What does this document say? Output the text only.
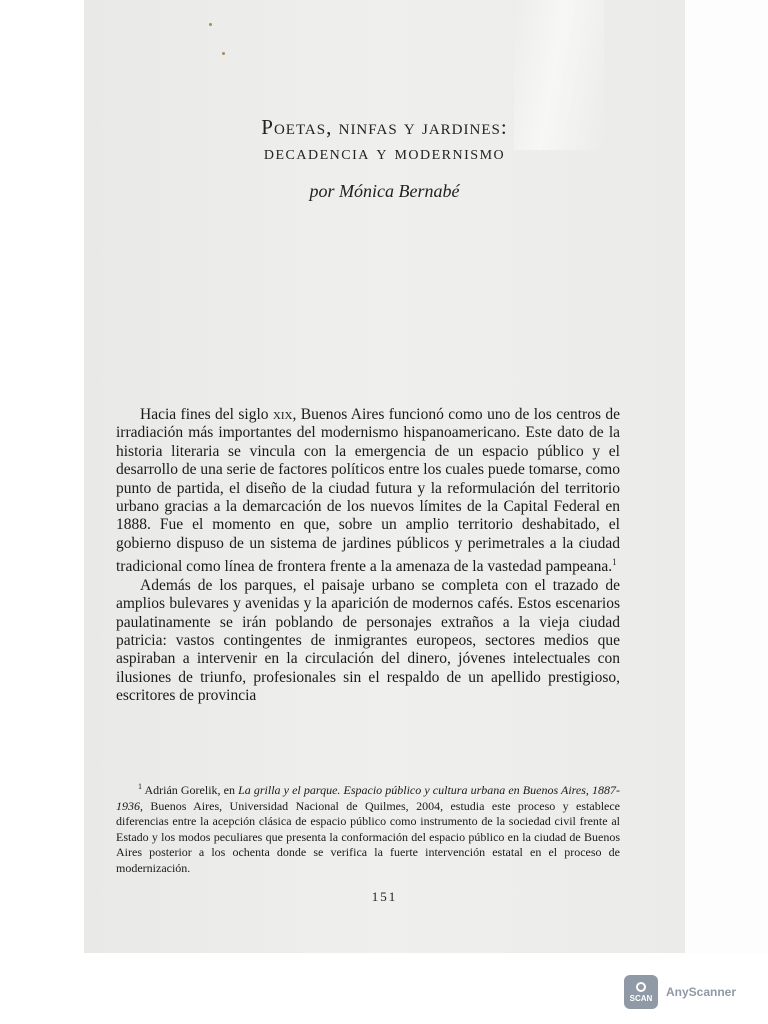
Poetas, ninfas y jardines:
decadencia y modernismo
por Mónica Bernabé

Hacia fines del siglo xix, Buenos Aires funcionó como uno de los centros de irradiación más importantes del modernismo hispanoamericano. Este dato de la historia literaria se vincula con la emergencia de un espacio público y el desarrollo de una serie de factores políticos entre los cuales puede tomarse, como punto de partida, el diseño de la ciudad futura y la reformulación del territorio urbano gracias a la demarcación de los nuevos límites de la Capital Federal en 1888. Fue el momento en que, sobre un amplio territorio deshabitado, el gobierno dispuso de un sistema de jardines públicos y perimetrales a la ciudad tradicional como línea de frontera frente a la amenaza de la vastedad pampeana.$^1$

Además de los parques, el paisaje urbano se completa con el trazado de amplios bulevares y avenidas y la aparición de modernos cafés. Estos escenarios paulatinamente se irán poblando de personajes extraños a la vieja ciudad patricia: vastos contingentes de inmigrantes europeos, sectores medios que aspiraban a intervenir en la circulación del dinero, jóvenes intelectuales con ilusiones de triunfo, profesionales sin el respaldo de un apellido prestigioso, escritores de provincia

$^1$ Adrián Gorelik, en La grilla y el parque. Espacio público y cultura urbana en Buenos Aires, 1887-1936, Buenos Aires, Universidad Nacional de Quilmes, 2004, estudia este proceso y establece diferencias entre la acepción clásica de espacio público como instrumento de la sociedad civil frente al Estado y los modos peculiares que presenta la conformación del espacio público en la ciudad de Buenos Aires posterior a los ochenta donde se verifica la fuerte intervención estatal en el proceso de modernización.

151
SCAN AnyScanner
